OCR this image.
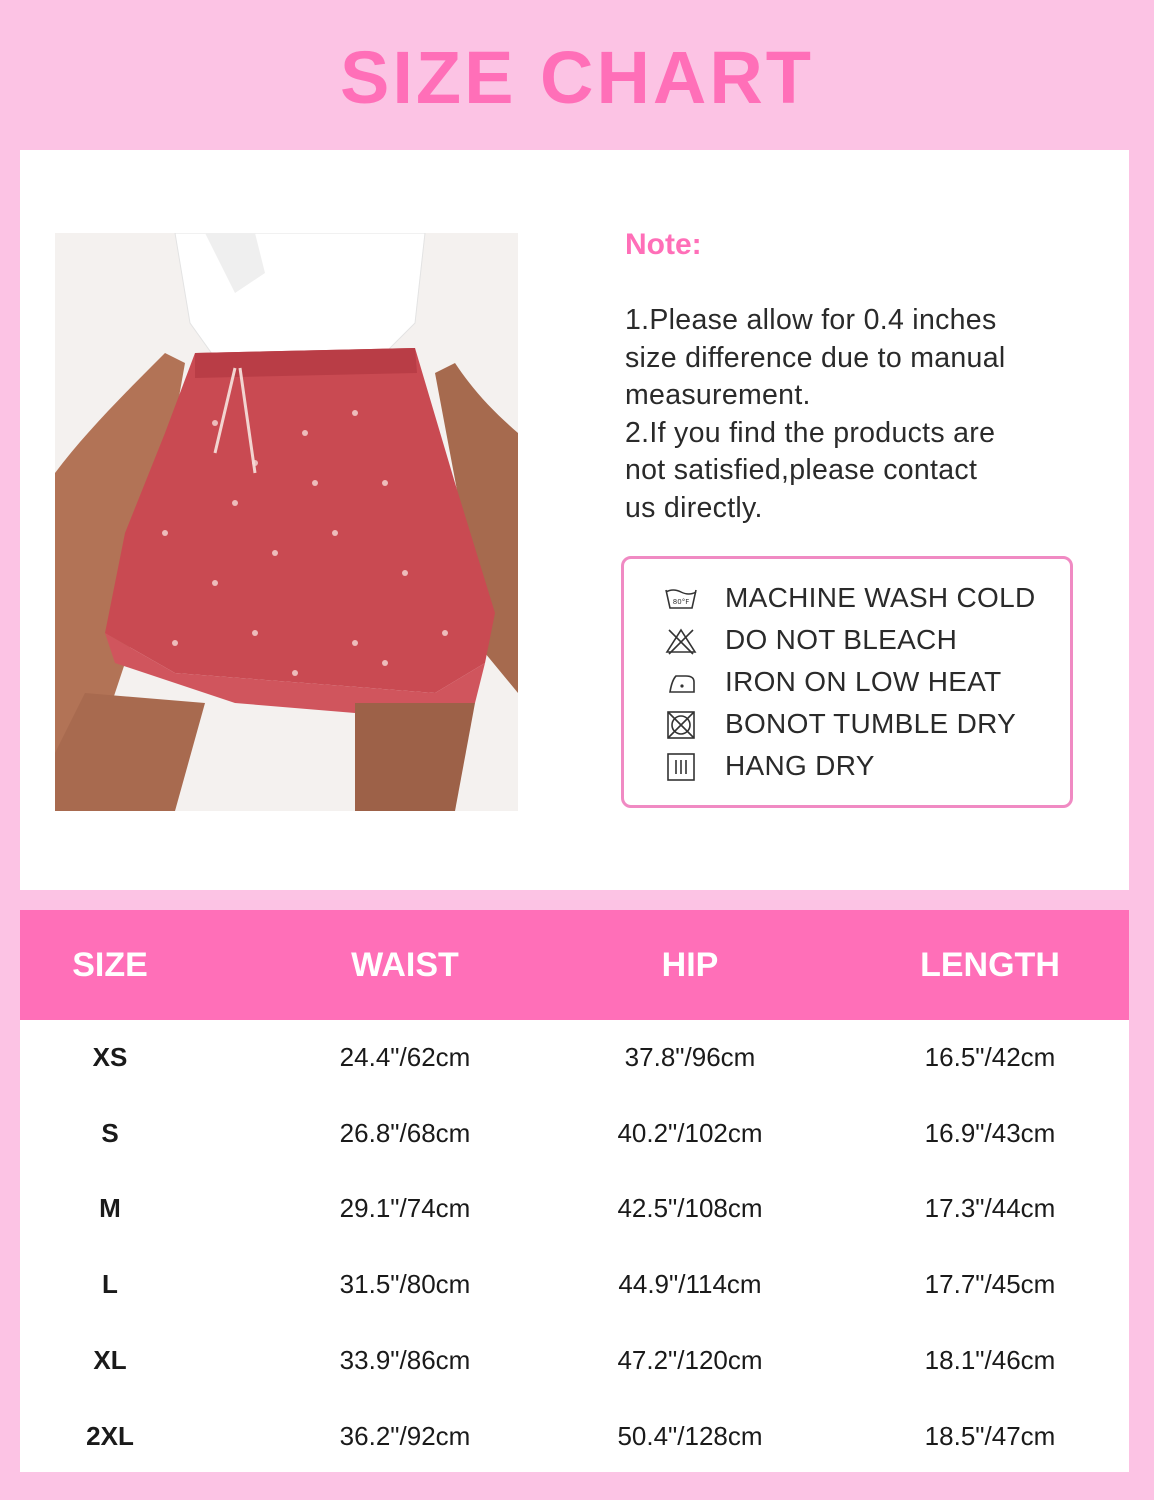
SIZE CHART
Note:
1.Please allow for 0.4 inches
size difference due to manual
measurement.
2.If you find the products are
not satisfied,please contact
us directly.
80°F MACHINE WASH COLD
DO NOT BLEACH
IRON ON LOW HEAT
BONOT TUMBLE DRY
HANG DRY
SIZE	WAIST	HIP	LENGTH
XS	24.4"/62cm	37.8"/96cm	16.5"/42cm
S	26.8"/68cm	40.2"/102cm	16.9"/43cm
M	29.1"/74cm	42.5"/108cm	17.3"/44cm
L	31.5"/80cm	44.9"/114cm	17.7"/45cm
XL	33.9"/86cm	47.2"/120cm	18.1"/46cm
2XL	36.2"/92cm	50.4"/128cm	18.5"/47cm
